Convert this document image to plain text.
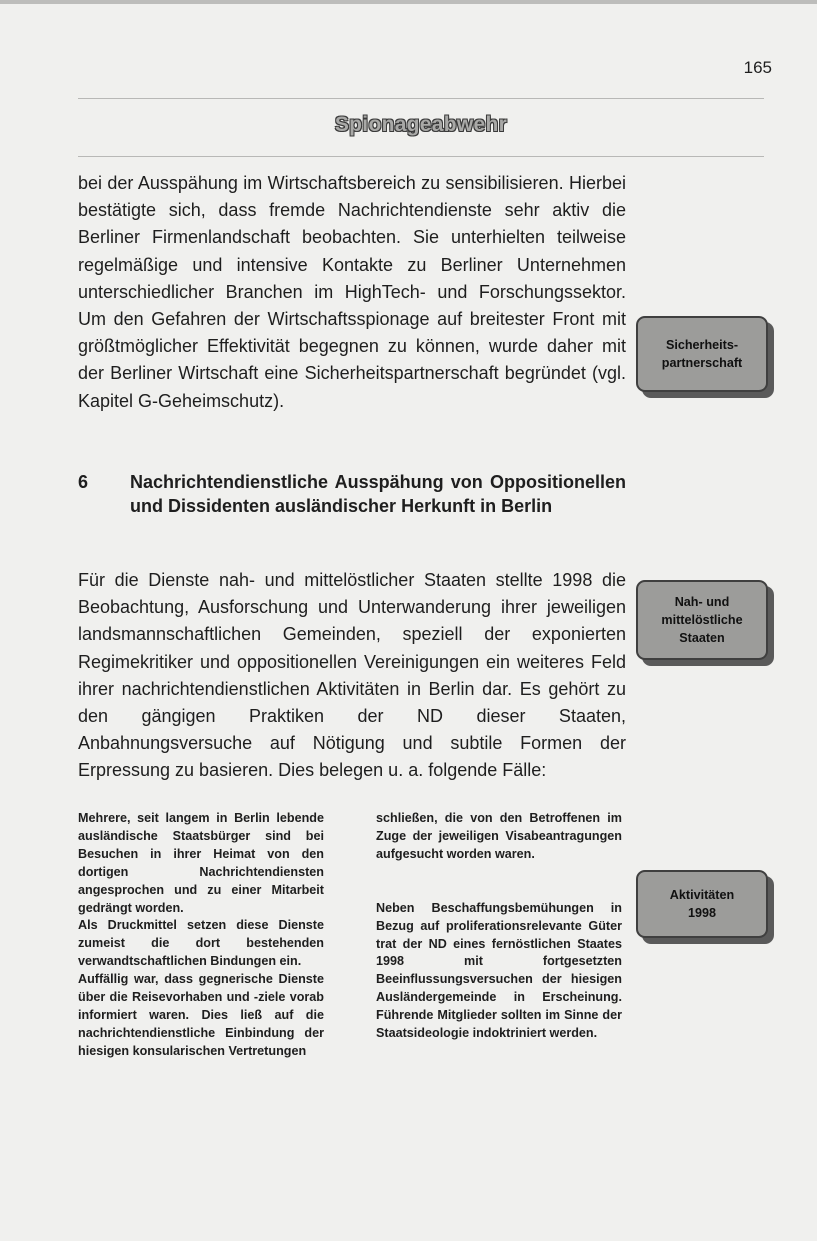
165
Spionageabwehr
bei der Ausspähung im Wirtschaftsbereich zu sensibilisieren. Hierbei bestätigte sich, dass fremde Nachrichtendienste sehr aktiv die Berliner Firmenlandschaft beobachten. Sie unterhielten teilweise regelmäßige und intensive Kontakte zu Berliner Unternehmen unterschiedlicher Branchen im HighTech- und Forschungssektor. Um den Gefahren der Wirtschaftsspionage auf breitester Front mit größtmöglicher Effektivität begegnen zu können, wurde daher mit der Berliner Wirtschaft eine Sicherheitspartnerschaft begründet (vgl. Kapitel G-Geheimschutz).
6 Nachrichtendienstliche Ausspähung von Oppositionellen und Dissidenten ausländischer Herkunft in Berlin
Für die Dienste nah- und mittelöstlicher Staaten stellte 1998 die Beobachtung, Ausforschung und Unterwanderung ihrer jeweiligen landsmannschaftlichen Gemeinden, speziell der exponierten Regimekritiker und oppositionellen Vereinigungen ein weiteres Feld ihrer nachrichtendienstlichen Aktivitäten in Berlin dar. Es gehört zu den gängigen Praktiken der ND dieser Staaten, Anbahnungsversuche auf Nötigung und subtile Formen der Erpressung zu basieren. Dies belegen u. a. folgende Fälle:

Mehrere, seit langem in Berlin lebende ausländische Staatsbürger sind bei Besuchen in ihrer Heimat von den dortigen Nachrichtendiensten angesprochen und zu einer Mitarbeit gedrängt worden.

Als Druckmittel setzen diese Dienste zumeist die dort bestehenden verwandtschaftlichen Bindungen ein.

Auffällig war, dass gegnerische Dienste über die Reisevorhaben und -ziele vorab informiert waren. Dies ließ auf die nachrichtendienstliche Einbindung der hiesigen konsularischen Vertretungen

schließen, die von den Betroffenen im Zuge der jeweiligen Visabeantragungen aufgesucht worden waren.

Neben Beschaffungsbemühungen in Bezug auf proliferationsrelevante Güter trat der ND eines fernöstlichen Staates 1998 mit fortgesetzten Beeinflussungsversuchen der hiesigen Ausländergemeinde in Erscheinung. Führende Mitglieder sollten im Sinne der Staatsideologie indoktriniert werden.

Sicherheits-
partnerschaft
Nah- und
mittelöstliche
Staaten
Aktivitäten
1998
